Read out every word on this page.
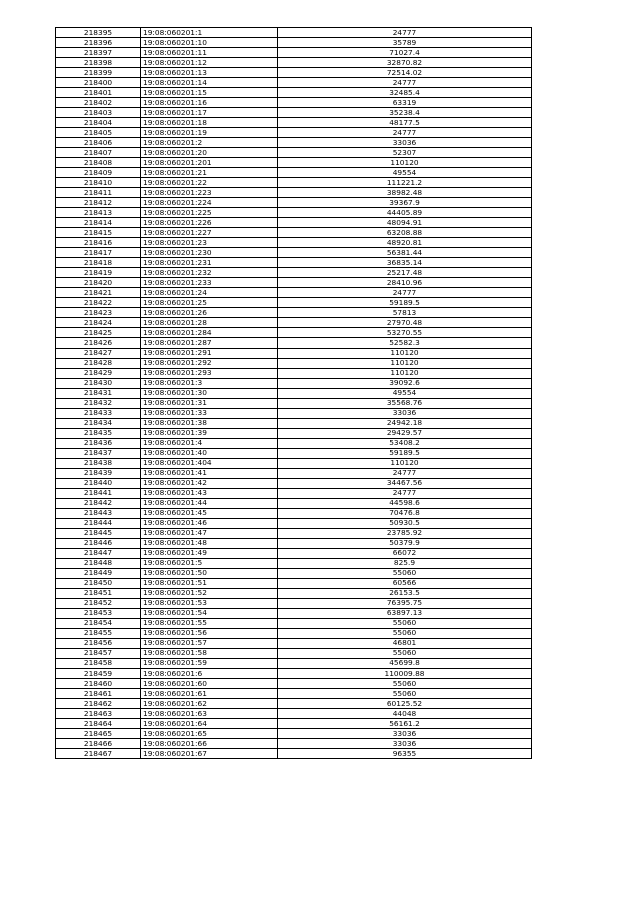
218395	19:08:060201:1	24777
218396	19:08:060201:10	35789
218397	19:08:060201:11	71027.4
218398	19:08:060201:12	32870.82
218399	19:08:060201:13	72514.02
218400	19:08:060201:14	24777
218401	19:08:060201:15	32485.4
218402	19:08:060201:16	63319
218403	19:08:060201:17	35238.4
218404	19:08:060201:18	48177.5
218405	19:08:060201:19	24777
218406	19:08:060201:2	33036
218407	19:08:060201:20	52307
218408	19:08:060201:201	110120
218409	19:08:060201:21	49554
218410	19:08:060201:22	111221.2
218411	19:08:060201:223	38982.48
218412	19:08:060201:224	39367.9
218413	19:08:060201:225	44405.89
218414	19:08:060201:226	48094.91
218415	19:08:060201:227	63208.88
218416	19:08:060201:23	48920.81
218417	19:08:060201:230	56381.44
218418	19:08:060201:231	36835.14
218419	19:08:060201:232	25217.48
218420	19:08:060201:233	28410.96
218421	19:08:060201:24	24777
218422	19:08:060201:25	59189.5
218423	19:08:060201:26	57813
218424	19:08:060201:28	27970.48
218425	19:08:060201:284	53270.55
218426	19:08:060201:287	52582.3
218427	19:08:060201:291	110120
218428	19:08:060201:292	110120
218429	19:08:060201:293	110120
218430	19:08:060201:3	39092.6
218431	19:08:060201:30	49554
218432	19:08:060201:31	35568.76
218433	19:08:060201:33	33036
218434	19:08:060201:38	24942.18
218435	19:08:060201:39	29429.57
218436	19:08:060201:4	53408.2
218437	19:08:060201:40	59189.5
218438	19:08:060201:404	110120
218439	19:08:060201:41	24777
218440	19:08:060201:42	34467.56
218441	19:08:060201:43	24777
218442	19:08:060201:44	44598.6
218443	19:08:060201:45	70476.8
218444	19:08:060201:46	50930.5
218445	19:08:060201:47	23785.92
218446	19:08:060201:48	50379.9
218447	19:08:060201:49	66072
218448	19:08:060201:5	825.9
218449	19:08:060201:50	55060
218450	19:08:060201:51	60566
218451	19:08:060201:52	26153.5
218452	19:08:060201:53	76395.75
218453	19:08:060201:54	63897.13
218454	19:08:060201:55	55060
218455	19:08:060201:56	55060
218456	19:08:060201:57	46801
218457	19:08:060201:58	55060
218458	19:08:060201:59	45699.8
218459	19:08:060201:6	110009.88
218460	19:08:060201:60	55060
218461	19:08:060201:61	55060
218462	19:08:060201:62	60125.52
218463	19:08:060201:63	44048
218464	19:08:060201:64	56161.2
218465	19:08:060201:65	33036
218466	19:08:060201:66	33036
218467	19:08:060201:67	96355
